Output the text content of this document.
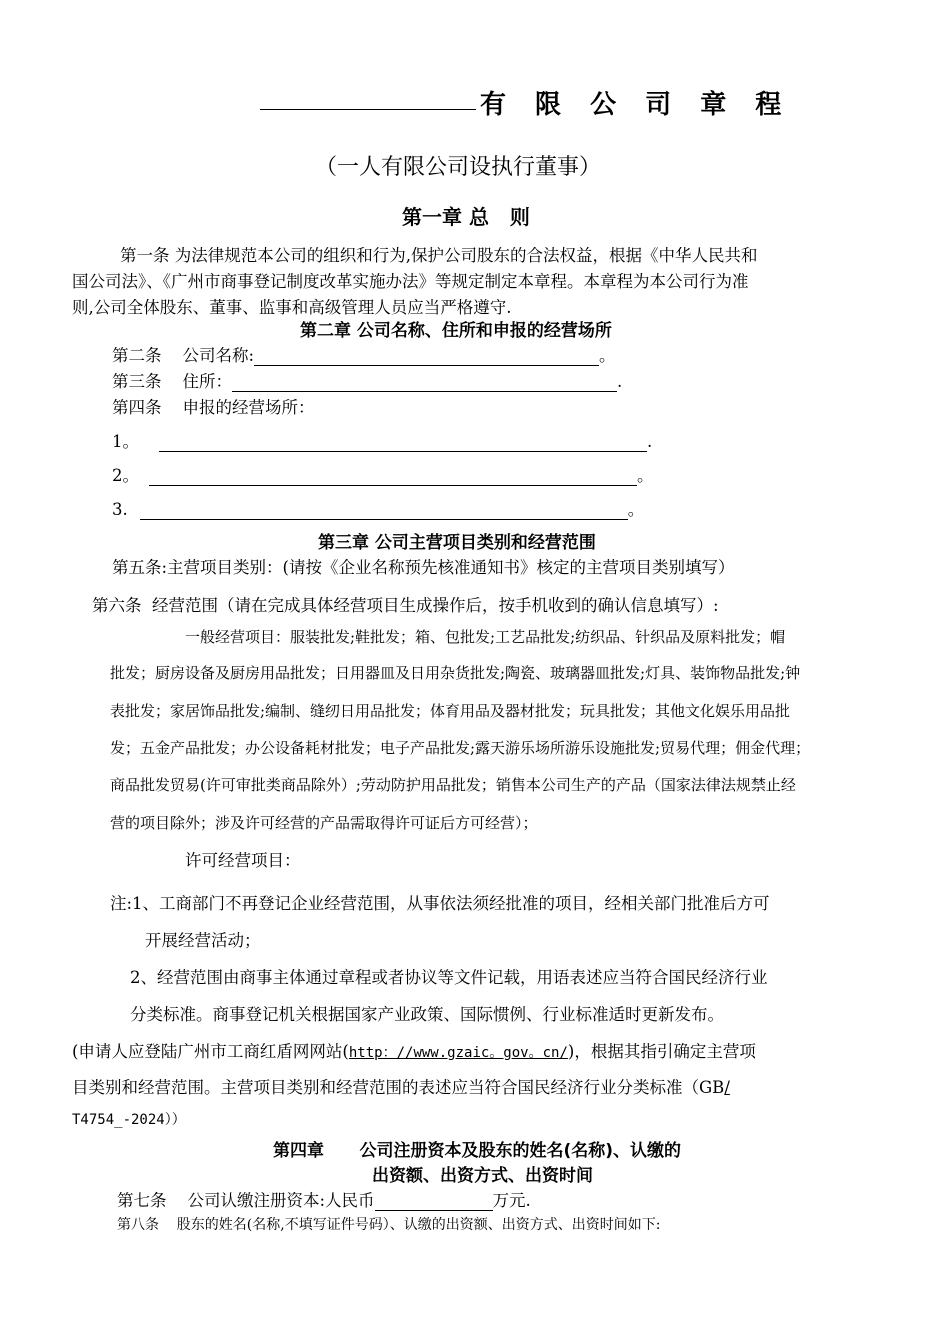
有 限 公 司 章 程
（一人有限公司设执行董事）
第一章 总   则
第一条 为法律规范本公司的组织和行为,保护公司股东的合法权益，根据《中华人民共和
国公司法》、《广州市商事登记制度改革实施办法》等规定制定本章程。本章程为本公司行为准
则,公司全体股东、董事、监事和高级管理人员应当严格遵守.
第二章 公司名称、住所和申报的经营场所
第二条    公司名称:	。
第三条    住所：	.
第四条    申报的经营场所：
1。	.
2。	。
3.	。
第三章 公司主营项目类别和经营范围
第五条:主营项目类别：(请按《企业名称预先核准通知书》核定的主营项目类别填写）
第六条  经营范围（请在完成具体经营项目生成操作后，按手机收到的确认信息填写）:
一般经营项目：服装批发;鞋批发；箱、包批发;工艺品批发;纺织品、针织品及原料批发；帽
批发；厨房设备及厨房用品批发；日用器皿及日用杂货批发;陶瓷、玻璃器皿批发;灯具、装饰物品批发;钟
表批发；家居饰品批发;编制、缝纫日用品批发；体育用品及器材批发；玩具批发；其他文化娱乐用品批
发；五金产品批发；办公设备耗材批发；电子产品批发;露天游乐场所游乐设施批发;贸易代理；佣金代理；
商品批发贸易(许可审批类商品除外）;劳动防护用品批发；销售本公司生产的产品（国家法律法规禁止经
营的项目除外；涉及许可经营的产品需取得许可证后方可经营）；
许可经营项目：
注:1、工商部门不再登记企业经营范围，从事依法须经批准的项目，经相关部门批准后方可
开展经营活动；
2、经营范围由商事主体通过章程或者协议等文件记载，用语表述应当符合国民经济行业
分类标准。商事登记机关根据国家产业政策、国际惯例、行业标准适时更新发布。
(申请人应登陆广州市工商红盾网网站(http：//www.gzaic。gov。cn/)，根据其指引确定主营项
目类别和经营范围。主营项目类别和经营范围的表述应当符合国民经济行业分类标准（GB/
T4754_-2024））
第四章      公司注册资本及股东的姓名(名称)、认缴的
出资额、出资方式、出资时间
第七条    公司认缴注册资本:人民币	万元.
第八条    股东的姓名(名称,不填写证件号码）、认缴的出资额、出资方式、出资时间如下:
